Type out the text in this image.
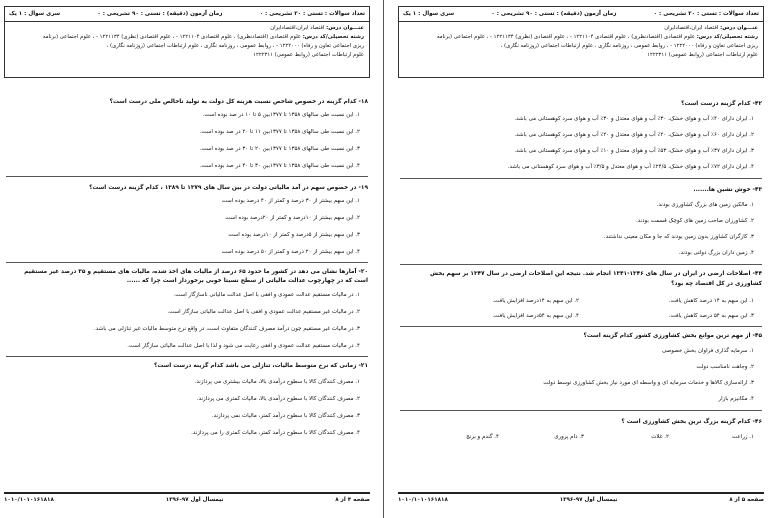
تعداد سوالات : تستی : ۲۰ تشریحی : ۰
زمان آزمون (دقیقه) : تستی : ۹۰ تشریحی : ۰
سری سوال : ۱ یک
عنـــوان درس: اقتصاد ایران،اقتصادایران
رشته تحصیلی/کد درس: علوم اقتصادی (اقتصادنظری) ، علوم اقتصادی ۱۲۲۱۱۰۴ - ، علوم اقتصادی (نظری) ۱۲۲۱۱۳۴ - ، علوم اجتماعی (برنامه
ریزی اجتماعی تعاون و رفاه) ۱۲۲۲۰۰۰ - ، روابط عمومی ، روزنامه نگاری ، علوم ارتباطات اجتماعی (روزنامه نگاری) ،
علوم ارتباطات اجتماعی (روابط عمومی) ۱۲۲۲۳۱۱
۱۸- کدام گزینه در خصوص شاخص نسبت هزینه کل دولت به تولید ناخالص ملی درست است؟
۱. این نسبت طی سالهای ۱۳۵۸ تا ۱۳۷۷بین ۵ تا ۱۰ در صد بوده است.
۲. این نسبت طی سالهای ۱۳۵۸ تا ۱۳۷۷بین ۱۱ تا ۲۰ در صد بوده است.
۳. این نسبت طی سالهای ۱۳۵۸ تا ۱۳۷۷بین ۲۰ تا ۳۰ در صد بوده است.
۴. این نسبت طی سالهای ۱۳۵۸ تا ۱۳۷۷بین ۳۰ تا ۴۰ در صد بوده است.
۱۹- در خصوص سهم در آمد مالیاتی دولت در بین سال های ۱۳۷۹ تا ۱۳۸۹ ، کدام گزینه درست است؟
۱. این سهم بیشتر از ۳۰ درصد و کمتر از ۴۰ درصد بوده است
۲. این سهم بیشتر از ۱۰درصد و کمتر از ۲۰درصد بوده است
۳. این سهم بیشتر از ۵درصد و کمتر از ۱۰درصد بوده است
۴. این سهم بیشتر از ۲۰ درصد و کمتر از ۵۰ درصد بوده است
۲۰- آمارها نشان می دهد در کشور ما حدود ۶۵ درصد از مالیات های اخذ شده، مالیات های مستقیم و ۳۵ درصد غیر مستقیم
است که در چهارچوب عدالت مالیاتی از سطح نسبتا خوبی برخوردار است چرا که ......
۱. در مالیات مستقیم عدالت عمودی و افقی با اصل عدالت مالیاتی ناسازگار است.
۲. در مالیات غیر مستقیم عدالت عمودی و افقی با اصل عدالت مالیاتی سازگار است.
۳. در مالیات غیر مستقیم چون درآمد مصرف کنندگان متفاوت است، در واقع نرخ متوسط مالیات غیر تنازلی می باشد.
۴. در مالیات مستقیم عدالت عمودی و افقی رعایت می شود و لذا با اصل عدالت مالیاتی سازگار است.
۲۱- زمانی که نرخ متوسط مالیات، تنازلی می باشد کدام گزینه درست است؟
۱. مصرف کنندگان کالا با سطوح درآمدی بالا، مالیات بیشتری می پردازند.
۲. مصرف کنندگان کالا با سطوح درآمدی بالا، مالیات کمتری می پردازند.
۳. مصرف کنندگان کالا با سطوح درآمد کمتر، مالیات نمی پردازند.
۴. مصرف کنندگان کالا با سطوح درآمد کمتر، مالیات کمتری را می پردازند.
صفحه ۴ از ۸
نیمسال اول ۹۷-۱۳۹۶
۱۰۱۰/۱۰۱۰۱۶۱۸۱۸
تعداد سوالات : تستی : ۲۰ تشریحی : ۰
زمان آزمون (دقیقه) : تستی : ۹۰ تشریحی : ۰
سری سوال : ۱ یک
عنـــوان درس: اقتصاد ایران،اقتصادایران
رشته تحصیلی/کد درس: علوم اقتصادی (اقتصادنظری) ، علوم اقتصادی ۱۲۲۱۱۰۴ - ، علوم اقتصادی (نظری) ۱۲۲۱۱۳۴ - ، علوم اجتماعی (برنامه
ریزی اجتماعی تعاون و رفاه) ۱۲۲۲۰۰۰ - ، روابط عمومی ، روزنامه نگاری ، علوم ارتباطات اجتماعی (روزنامه نگاری) ،
علوم ارتباطات اجتماعی (روابط عمومی) ۱۲۲۲۳۱۱
۴۲- کدام گزینه درست است؟
۱. ایران دارای ۴۰٪ آب و هوای خشک، ۳۰٪ آب و هوای معتدل و ۳۰٪ آب و هوای سرد کوهستانی می باشد.
۲. ایران دارای ۶۰٪ آب و هوای خشک، ۲۰٪ آب و هوای معتدل و ۲۰٪ آب و هوای سرد کوهستانی می باشد.
۳. ایران دارای ۳۷٪ آب و هوای خشک، ۵۳٪ آب و هوای معتدل و ۱۰٪ آب و هوای سرد کوهستانی می باشد.
۴. ایران دارای ۷۲٪ آب و هوای خشک، ۲۴/۵٪ آب و هوای معتدل و ۳/۵٪ آب و هوای سرد کوهستانی می باشد.
۴۳- خوش نشین ها.......
۱. مالکین زمین های بزرگ کشاورزی بودند.
۲. کشاورزان صاحب زمین های کوچک قسمت بودند.
۳. کارگران کشاورز بدون زمین بودند که جا و مکان معینی نداشتند.
۴. زمین داران بزرگ دولتی بودند.
۴۴- اصلاحات ارضی در ایران در سال های ۱۳۴۶-۱۳۴۱ انجام شد. نتیجه این اصلاحات ارضی در سال ۱۳۴۷ بر سهم بخش
کشاورزی در کل اقتصاد چه بود؟
۱. این سهم به ۱۴ درصد کاهش یافت.
۲. این سهم به ۱۴درصد افزایش یافت.
۳. این سهم به ۵۴ درصد کاهش یافت.
۴. این سهم به ۵۴درصد افزایش یافت.
۴۵- از مهم ترین موانع بخش کشاورزی کشور کدام گزینه است؟
۱. سرمایه گذاری فراوان بخش خصوصی
۲. وجاهت نامناسب دولت
۳. ارائه‌سازی کالاها و خدمات سرمایه ای و واسطه ای مورد نیاز بخش کشاورزی توسط دولت
۴. مکانیزم بازار
۴۶- کدام گزینه بزرگ ترین بخش کشاورزی است ؟
۱. زراعت
۲. غلات
۳. دام پروری
۴. گندم و برنج
صفحه ۵ از ۸
نیمسال اول ۹۷-۱۳۹۶
۱۰۱۰/۱۰۱۰۱۶۱۸۱۸
